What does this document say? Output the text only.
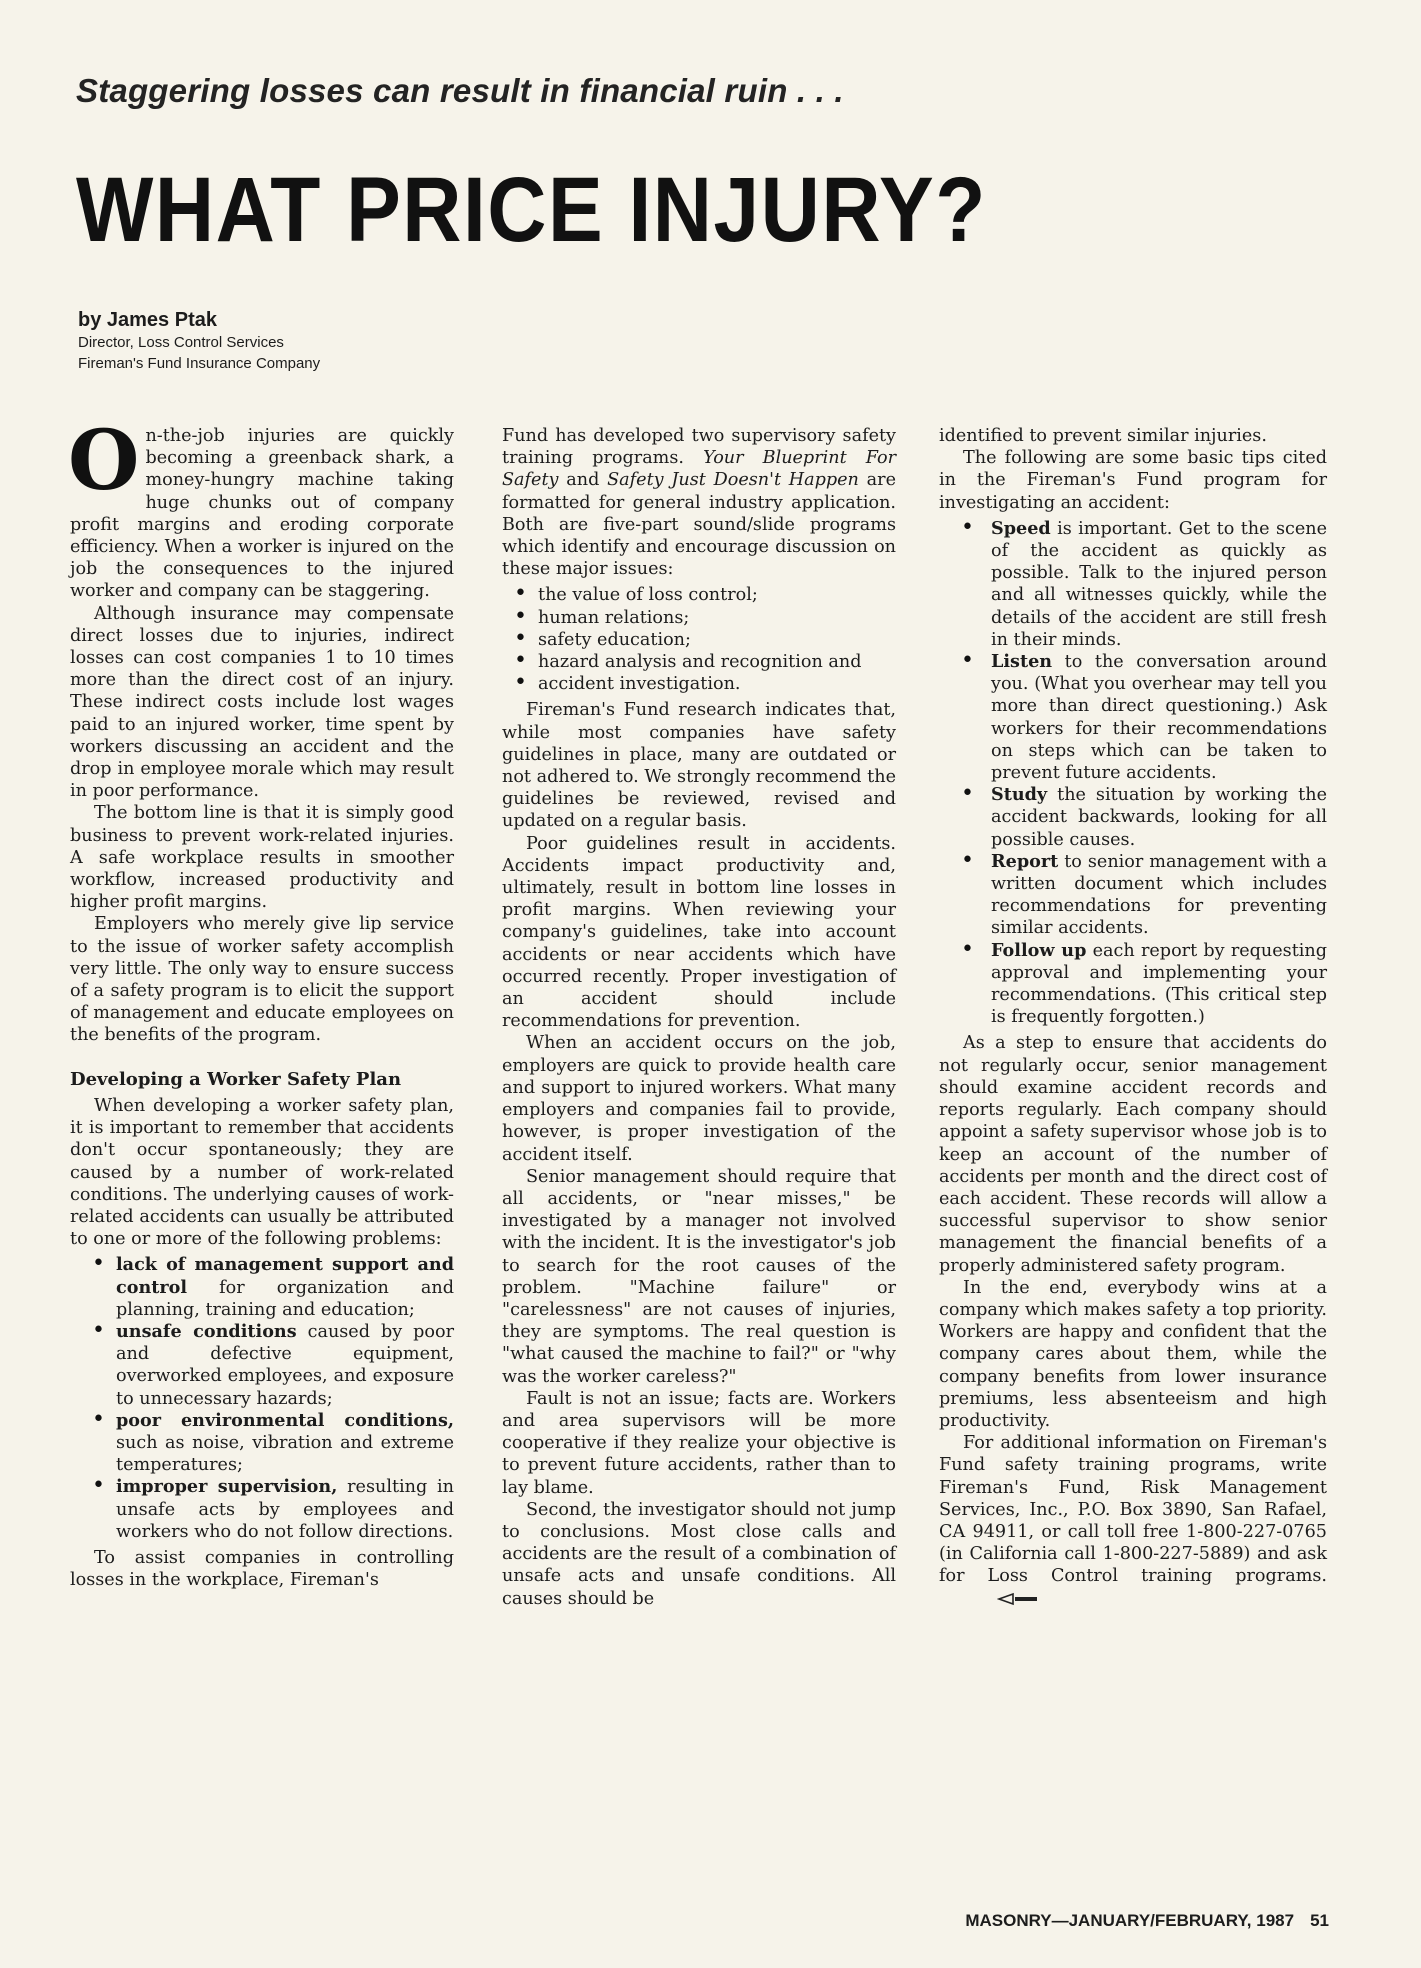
Staggering losses can result in financial ruin . . .
WHAT PRICE INJURY?
by James Ptak
Director, Loss Control Services
Fireman's Fund Insurance Company

On-the-job injuries are quickly becoming a greenback shark, a money-hungry machine taking huge chunks out of company profit margins and eroding corporate efficiency. When a worker is injured on the job the consequences to the injured worker and company can be staggering.

Although insurance may compensate direct losses due to injuries, indirect losses can cost companies 1 to 10 times more than the direct cost of an injury. These indirect costs include lost wages paid to an injured worker, time spent by workers discussing an accident and the drop in employee morale which may result in poor performance.

The bottom line is that it is simply good business to prevent work-related injuries. A safe workplace results in smoother workflow, increased productivity and higher profit margins.

Employers who merely give lip service to the issue of worker safety accomplish very little. The only way to ensure success of a safety program is to elicit the support of management and educate employees on the benefits of the program.

Developing a Worker Safety Plan

When developing a worker safety plan, it is important to remember that accidents don't occur spontaneously; they are caused by a number of work-related conditions. The underlying causes of work-related accidents can usually be attributed to one or more of the following problems:

• lack of management support and control for organization and planning, training and education;
• unsafe conditions caused by poor and defective equipment, overworked employees, and exposure to unnecessary hazards;
• poor environmental conditions, such as noise, vibration and extreme temperatures;
• improper supervision, resulting in unsafe acts by employees and workers who do not follow directions.

To assist companies in controlling losses in the workplace, Fireman's

Fund has developed two supervisory safety training programs. Your Blueprint For Safety and Safety Just Doesn't Happen are formatted for general industry application. Both are five-part sound/slide programs which identify and encourage discussion on these major issues:

• the value of loss control;
• human relations;
• safety education;
• hazard analysis and recognition and
• accident investigation.

Fireman's Fund research indicates that, while most companies have safety guidelines in place, many are outdated or not adhered to. We strongly recommend the guidelines be reviewed, revised and updated on a regular basis.

Poor guidelines result in accidents. Accidents impact productivity and, ultimately, result in bottom line losses in profit margins. When reviewing your company's guidelines, take into account accidents or near accidents which have occurred recently. Proper investigation of an accident should include recommendations for prevention.

When an accident occurs on the job, employers are quick to provide health care and support to injured workers. What many employers and companies fail to provide, however, is proper investigation of the accident itself.

Senior management should require that all accidents, or "near misses," be investigated by a manager not involved with the incident. It is the investigator's job to search for the root causes of the problem. "Machine failure" or "carelessness" are not causes of injuries, they are symptoms. The real question is "what caused the machine to fail?" or "why was the worker careless?"

Fault is not an issue; facts are. Workers and area supervisors will be more cooperative if they realize your objective is to prevent future accidents, rather than to lay blame.

Second, the investigator should not jump to conclusions. Most close calls and accidents are the result of a combination of unsafe acts and unsafe conditions. All causes should be

identified to prevent similar injuries.

The following are some basic tips cited in the Fireman's Fund program for investigating an accident:

• Speed is important. Get to the scene of the accident as quickly as possible. Talk to the injured person and all witnesses quickly, while the details of the accident are still fresh in their minds.
• Listen to the conversation around you. (What you overhear may tell you more than direct questioning.) Ask workers for their recommendations on steps which can be taken to prevent future accidents.
• Study the situation by working the accident backwards, looking for all possible causes.
• Report to senior management with a written document which includes recommendations for preventing similar accidents.
• Follow up each report by requesting approval and implementing your recommendations. (This critical step is frequently forgotten.)

As a step to ensure that accidents do not regularly occur, senior management should examine accident records and reports regularly. Each company should appoint a safety supervisor whose job is to keep an account of the number of accidents per month and the direct cost of each accident. These records will allow a successful supervisor to show senior management the financial benefits of a properly administered safety program.

In the end, everybody wins at a company which makes safety a top priority. Workers are happy and confident that the company cares about them, while the company benefits from lower insurance premiums, less absenteeism and high productivity.

For additional information on Fireman's Fund safety training programs, write Fireman's Fund, Risk Management Services, Inc., P.O. Box 3890, San Rafael, CA 94911, or call toll free 1-800-227-0765 (in California call 1-800-227-5889) and ask for Loss Control training programs.

MASONRY—JANUARY/FEBRUARY, 1987 51
